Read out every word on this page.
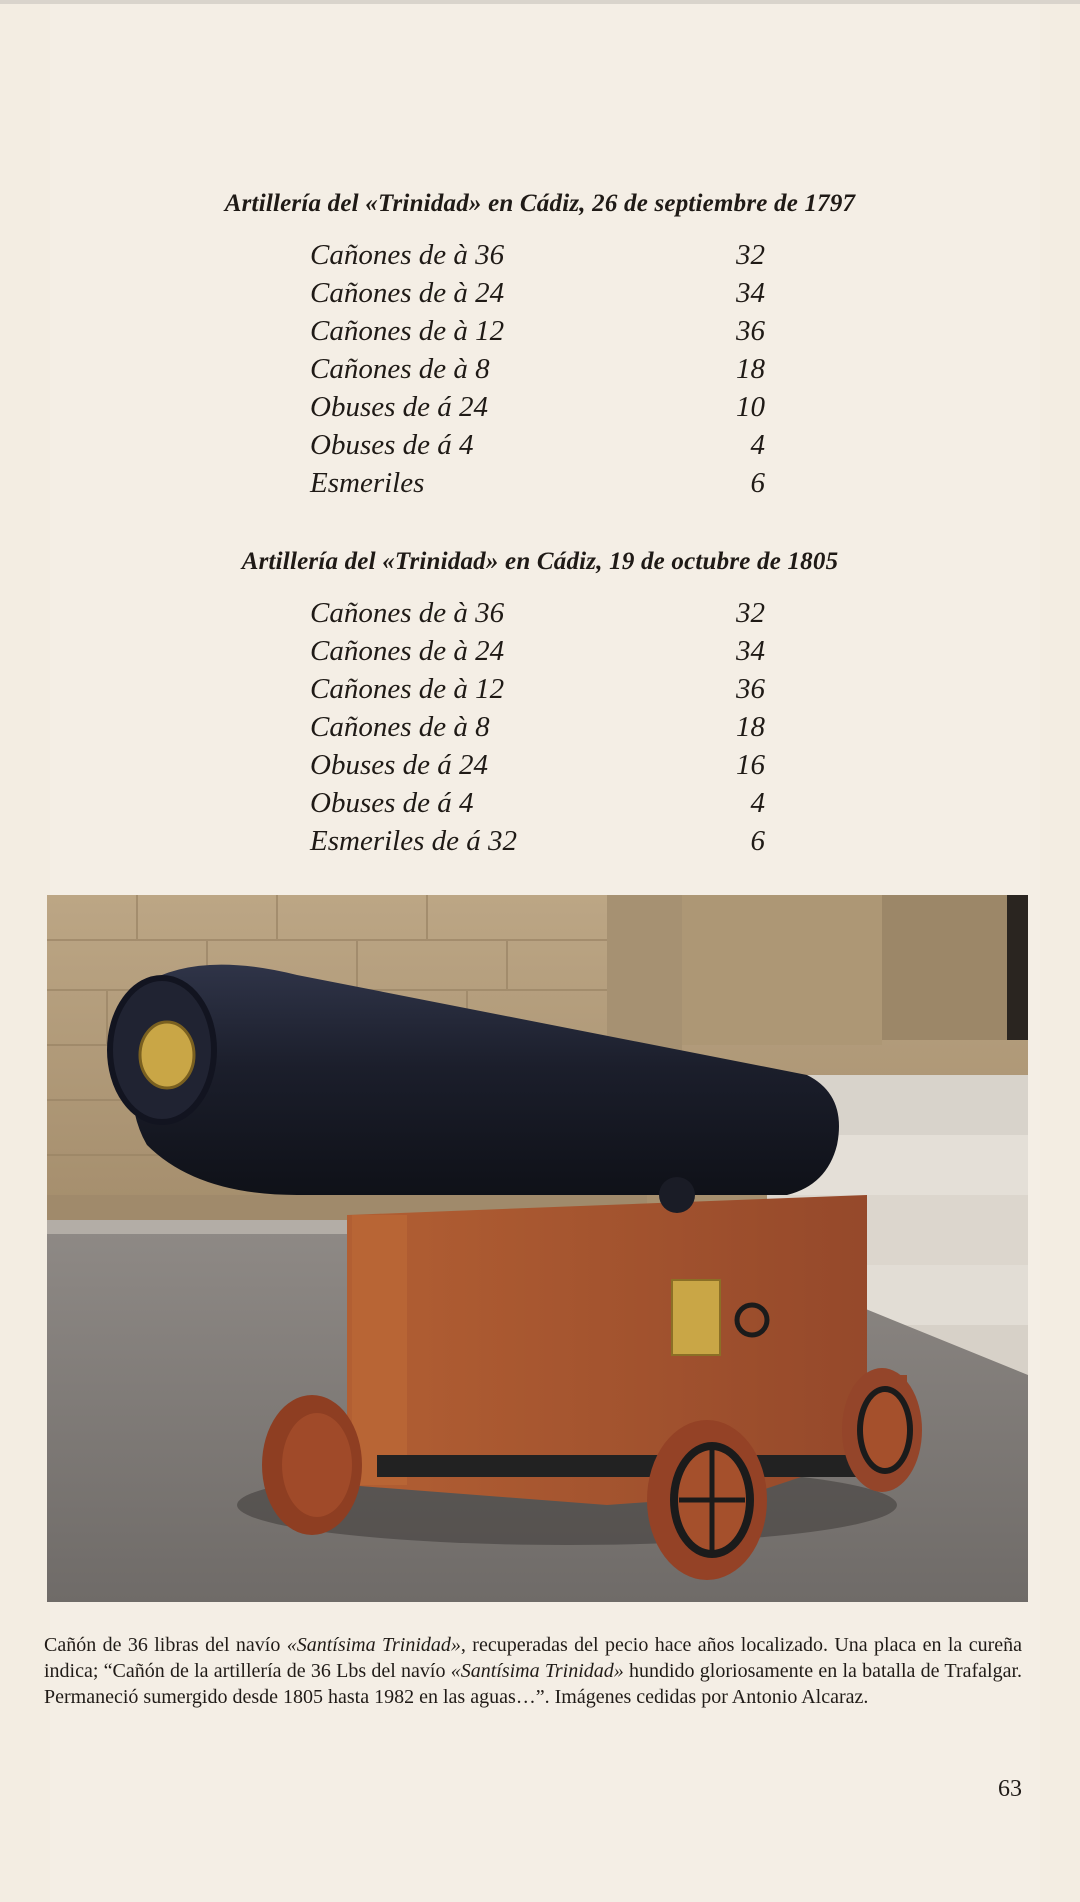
Artillería del «Trinidad» en Cádiz, 26 de septiembre de 1797
Cañones de à 36	32
Cañones de à 24	34
Cañones de à 12	36
Cañones de à 8	18
Obuses de á 24	10
Obuses de á 4	4
Esmeriles	6
Artillería del «Trinidad» en Cádiz, 19 de octubre de 1805
Cañones de à 36	32
Cañones de à 24	34
Cañones de à 12	36
Cañones de à 8	18
Obuses de á 24	16
Obuses de á 4	4
Esmeriles de á 32	6
Cañón de 36 libras del navío «Santísima Trinidad», recuperadas del pecio hace años localizado. Una placa en la cureña indica; “Cañón de la artillería de 36 Lbs del navío «Santísima Trinidad» hundido gloriosamente en la batalla de Trafalgar. Permaneció sumergido desde 1805 hasta 1982 en las aguas…”. Imágenes cedidas por Antonio Alcaraz.
63
